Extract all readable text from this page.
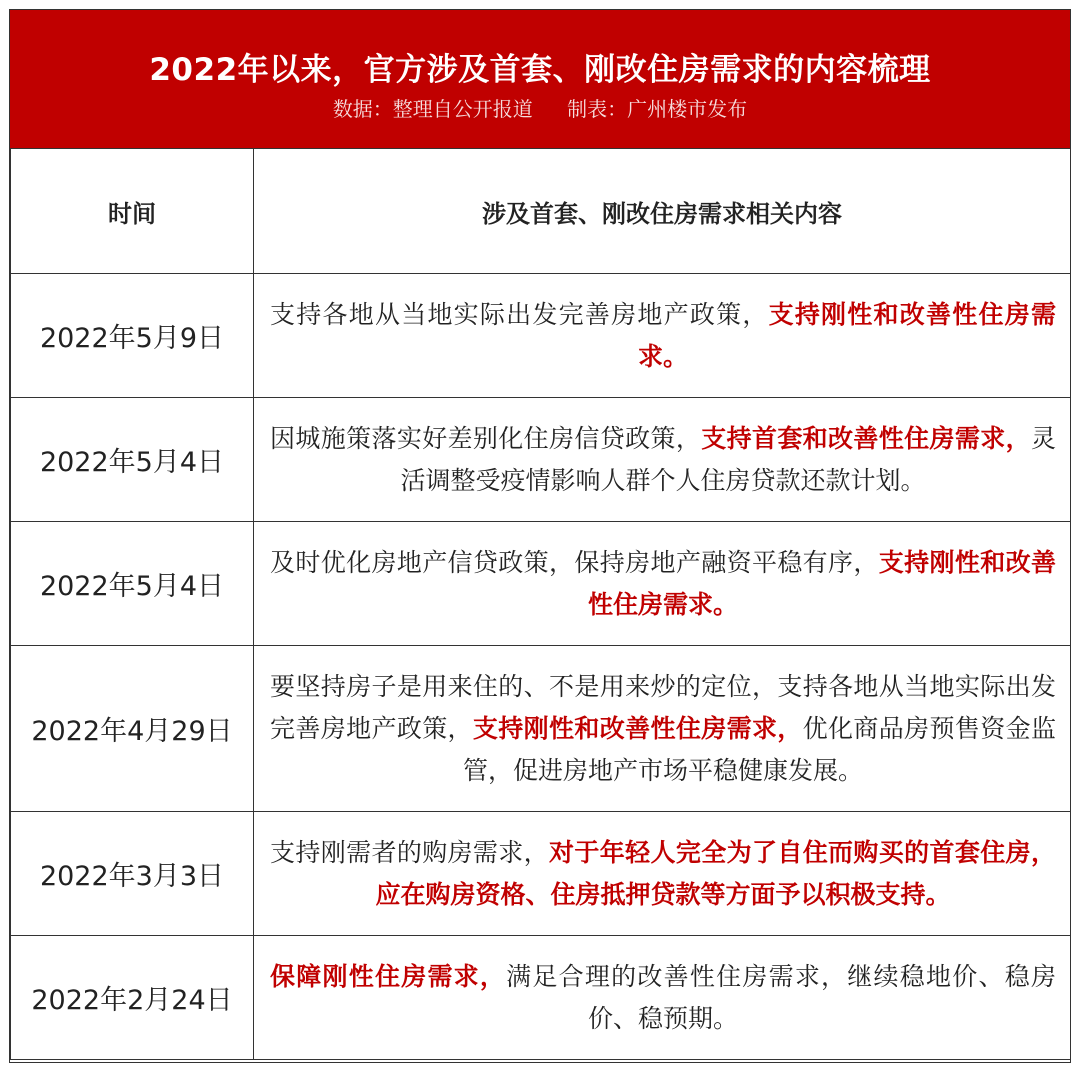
2022年以来，官方涉及首套、刚改住房需求的内容梳理
数据：整理自公开报道 制表：广州楼市发布
时间	涉及首套、刚改住房需求相关内容
2022年5月9日	支持各地从当地实际出发完善房地产政策，支持刚性和改善性住房需求。
2022年5月4日	因城施策落实好差别化住房信贷政策，支持首套和改善性住房需求，灵活调整受疫情影响人群个人住房贷款还款计划。
2022年5月4日	及时优化房地产信贷政策，保持房地产融资平稳有序，支持刚性和改善性住房需求。
2022年4月29日	要坚持房子是用来住的、不是用来炒的定位，支持各地从当地实际出发完善房地产政策，支持刚性和改善性住房需求，优化商品房预售资金监管，促进房地产市场平稳健康发展。
2022年3月3日	支持刚需者的购房需求，对于年轻人完全为了自住而购买的首套住房，应在购房资格、住房抵押贷款等方面予以积极支持。
2022年2月24日	保障刚性住房需求，满足合理的改善性住房需求，继续稳地价、稳房价、稳预期。
